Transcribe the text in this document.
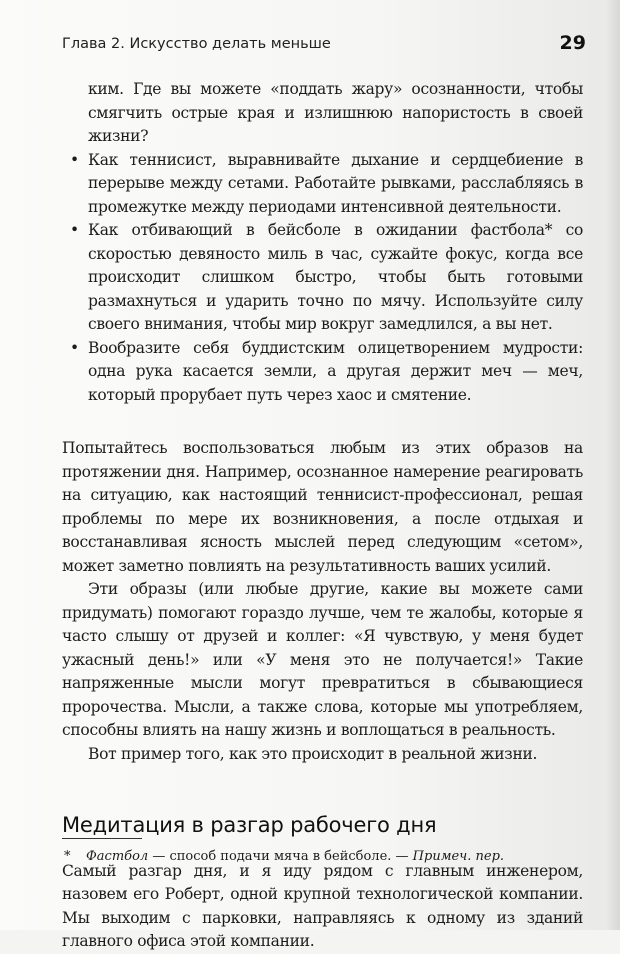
Глава 2. Искусство делать меньше	29
ким. Где вы можете «поддать жару» осознанности, чтобы смягчить острые края и излишнюю напористость в своей жизни?
• Как теннисист, выравнивайте дыхание и сердцебиение в перерыве между сетами. Работайте рывками, расслабляясь в промежутке между периодами интенсивной деятельности.
• Как отбивающий в бейсболе в ожидании фастбола* со скоростью девяносто миль в час, сужайте фокус, когда все происходит слишком быстро, чтобы быть готовыми размахнуться и ударить точно по мячу. Используйте силу своего внимания, чтобы мир вокруг замедлился, а вы нет.
• Вообразите себя буддистским олицетворением мудрости: одна рука касается земли, а другая держит меч — меч, который прорубает путь через хаос и смятение.

Попытайтесь воспользоваться любым из этих образов на протяжении дня. Например, осознанное намерение реагировать на ситуацию, как настоящий теннисист-профессионал, решая проблемы по мере их возникновения, а после отдыхая и восстанавливая ясность мыслей перед следующим «сетом», может заметно повлиять на результативность ваших усилий.

Эти образы (или любые другие, какие вы можете сами придумать) помогают гораздо лучше, чем те жалобы, которые я часто слышу от друзей и коллег: «Я чувствую, у меня будет ужасный день!» или «У меня это не получается!» Такие напряженные мысли могут превратиться в сбывающиеся пророчества. Мысли, а также слова, которые мы употребляем, способны влиять на нашу жизнь и воплощаться в реальность.

Вот пример того, как это происходит в реальной жизни.

Медитация в разгар рабочего дня

Самый разгар дня, и я иду рядом с главным инженером, назовем его Роберт, одной крупной технологической компании. Мы выходим с парковки, направляясь к одному из зданий главного офиса этой компании.

* Фастбол — способ подачи мяча в бейсболе. — Примеч. пер.
